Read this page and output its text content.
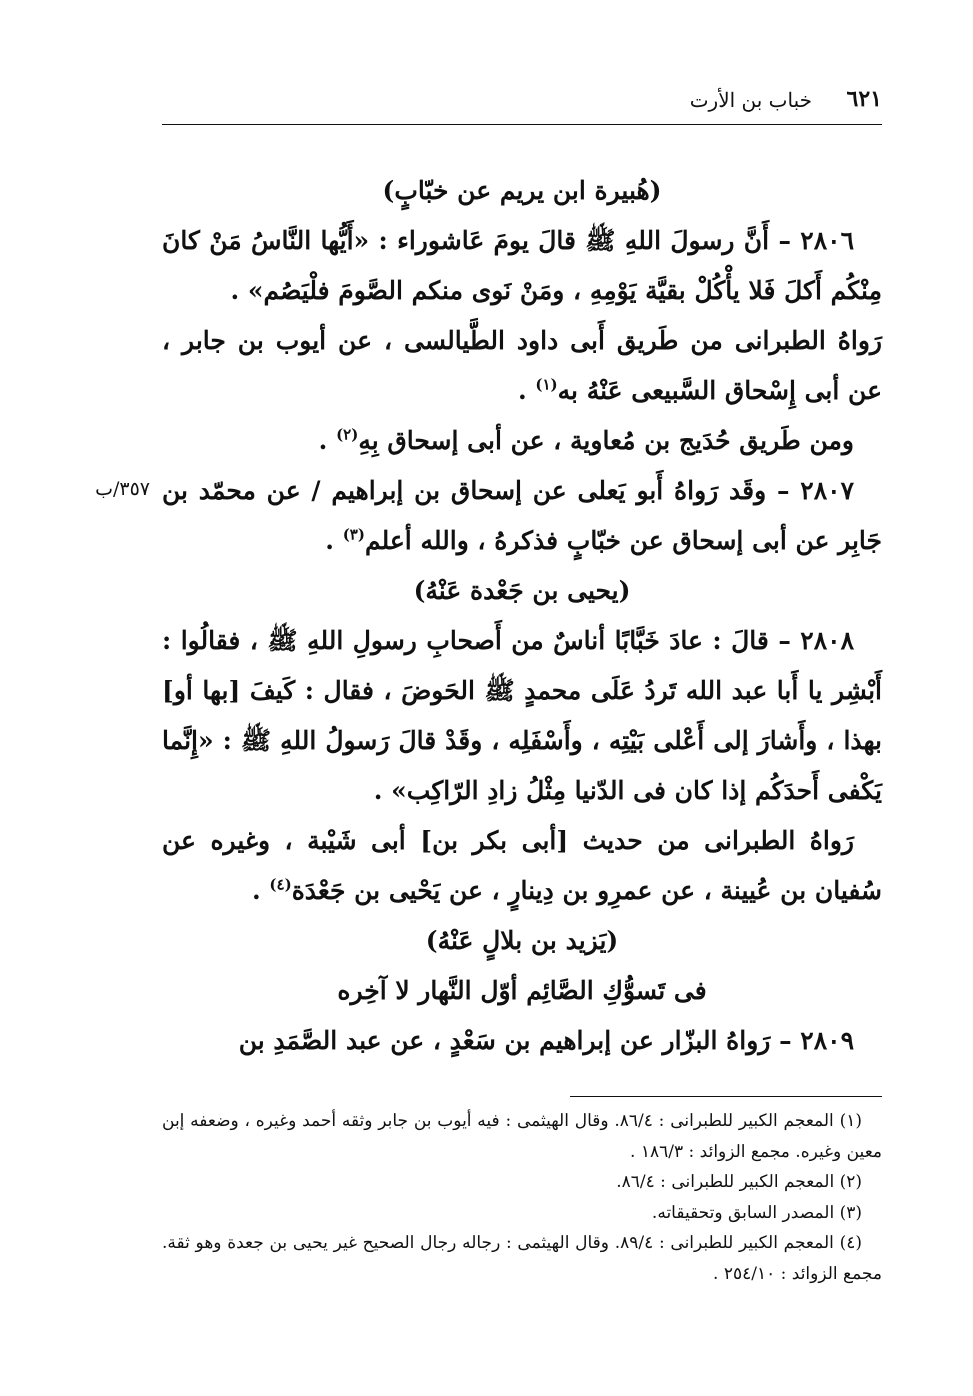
٦٢١
خباب بن الأرت
٣٥٧/ب

(هُبيرة ابن يريم عن خبّابٍ)

٢٨٠٦ – أَنَّ رسولَ اللهِ ﷺ قالَ يومَ عَاشوراء : «أَيُّها النَّاسُ مَنْ كانَ مِنْكُم أَكلَ فَلا يأْكُلْ بقيَّة يَوْمِهِ ، ومَنْ نَوى منكم الصَّومَ فلْيَصُم» .

رَواهُ الطبرانى من طَريق أَبى داود الطَّيالسى ، عن أيوب بن جابر ، عن أبى إِسْحاق السَّبيعى عَنْهُ به$^{(١)}$ .

ومن طَريق حُدَيج بن مُعاوية ، عن أبى إسحاق بِهِ$^{(٢)}$ .

٢٨٠٧ – وقَد رَواهُ أَبو يَعلى عن إسحاق بن إبراهيم / عن محمّد بن جَابِر عن أبى إسحاق عن خبّابٍ فذكرهُ ، والله أعلم$^{(٣)}$ .

(يحيى بن جَعْدة عَنْهُ)

٢٨٠٨ – قالَ : عادَ خَبَّابًا أناسٌ من أَصحابِ رسولِ اللهِ ﷺ ، فقالُوا : أَبْشِر يا أَبا عبد الله تَردُ عَلَى محمدٍ ﷺ الحَوضَ ، فقال : كَيفَ [بها أو] بهذا ، وأَشارَ إلى أَعْلى بَيْتِه ، وأَسْفَلِه ، وقَدْ قالَ رَسولُ اللهِ ﷺ : «إِنَّما يَكْفى أَحدَكُم إذا كان فى الدّنيا مِثْلُ زادِ الرّاكِب» .

رَواهُ الطبرانى من حديث [أبى بكر بن] أبى شَيْبة ، وغيره عن سُفيان بن عُيينة ، عن عمرِو بن دِينارٍ ، عن يَحْيى بن جَعْدَة$^{(٤)}$ .

(يَزيد بن بلالٍ عَنْهُ)

فى تَسوُّكِ الصَّائِم أوّل النَّهار لا آخِره

٢٨٠٩ – رَواهُ البزّار عن إبراهيم بن سَعْدٍ ، عن عبد الصَّمَدِ بن

(١) المعجم الكبير للطبرانى : ٨٦/٤. وقال الهيثمى : فيه أيوب بن جابر وثقه أحمد وغيره ، وضعفه إبن معين وغيره. مجمع الزوائد : ١٨٦/٣ .

(٢) المعجم الكبير للطبرانى : ٨٦/٤.

(٣) المصدر السابق وتحقيقاته.

(٤) المعجم الكبير للطبرانى : ٨٩/٤. وقال الهيثمى : رجاله رجال الصحيح غير يحيى بن جعدة وهو ثقة. مجمع الزوائد : ٢٥٤/١٠ .
